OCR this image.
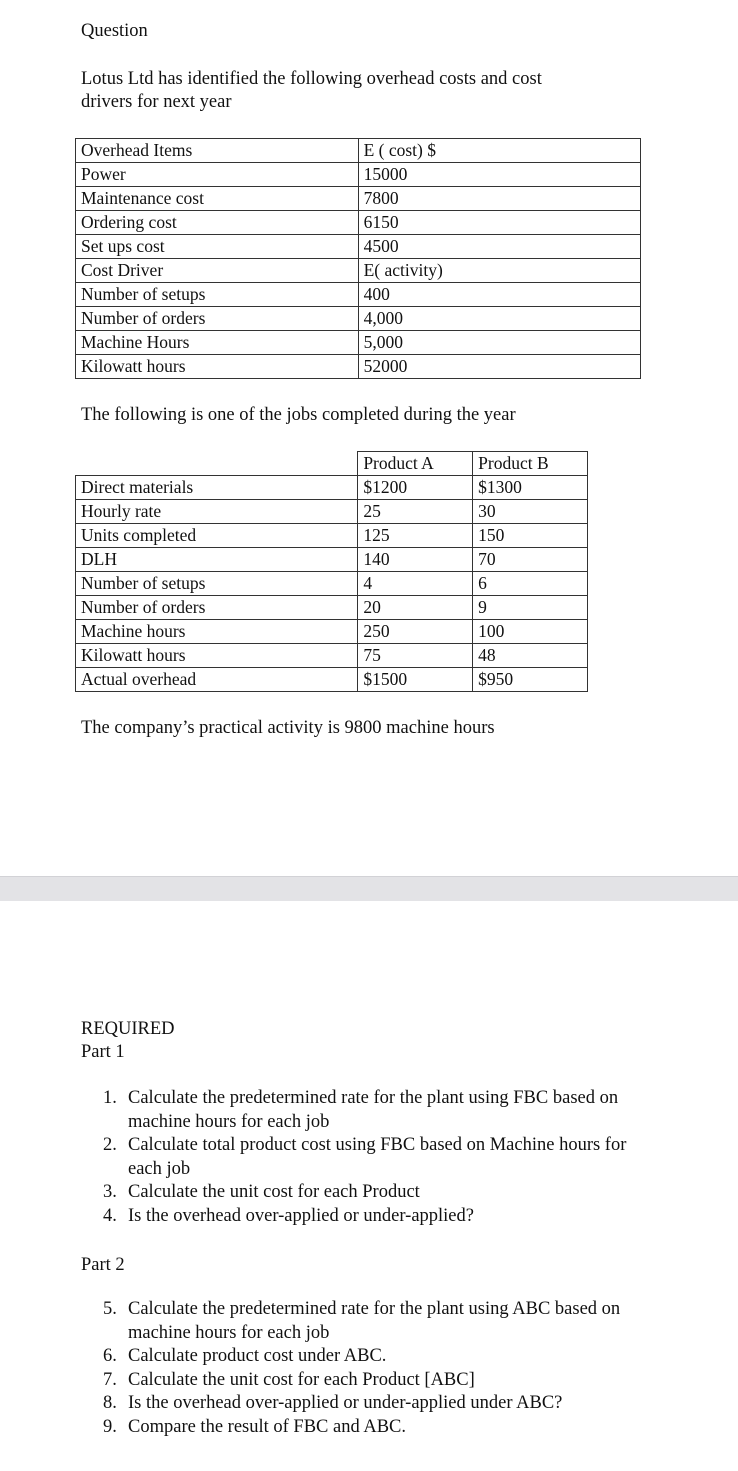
Question
Lotus Ltd has identified the following overhead costs and cost
drivers for next year
Overhead Items	E ( cost) $
Power	15000
Maintenance cost	7800
Ordering cost	6150
Set ups cost	4500
Cost Driver	E( activity)
Number of setups	400
Number of orders	4,000
Machine Hours	5,000
Kilowatt hours	52000
The following is one of the jobs completed during the year
	Product A	Product B
Direct materials	$1200	$1300
Hourly rate	25	30
Units completed	125	150
DLH	140	70
Number of setups	4	6
Number of orders	20	9
Machine hours	250	100
Kilowatt hours	75	48
Actual overhead	$1500	$950
The company’s practical activity is 9800 machine hours
REQUIRED
Part 1
1. Calculate the predetermined rate for the plant using FBC based on machine hours for each job
2. Calculate total product cost using FBC based on Machine hours for each job
3. Calculate the unit cost for each Product
4. Is the overhead over-applied or under-applied?
Part 2
5. Calculate the predetermined rate for the plant using ABC based on machine hours for each job
6. Calculate product cost under ABC.
7. Calculate the unit cost for each Product [ABC]
8. Is the overhead over-applied or under-applied under ABC?
9. Compare the result of FBC and ABC.
